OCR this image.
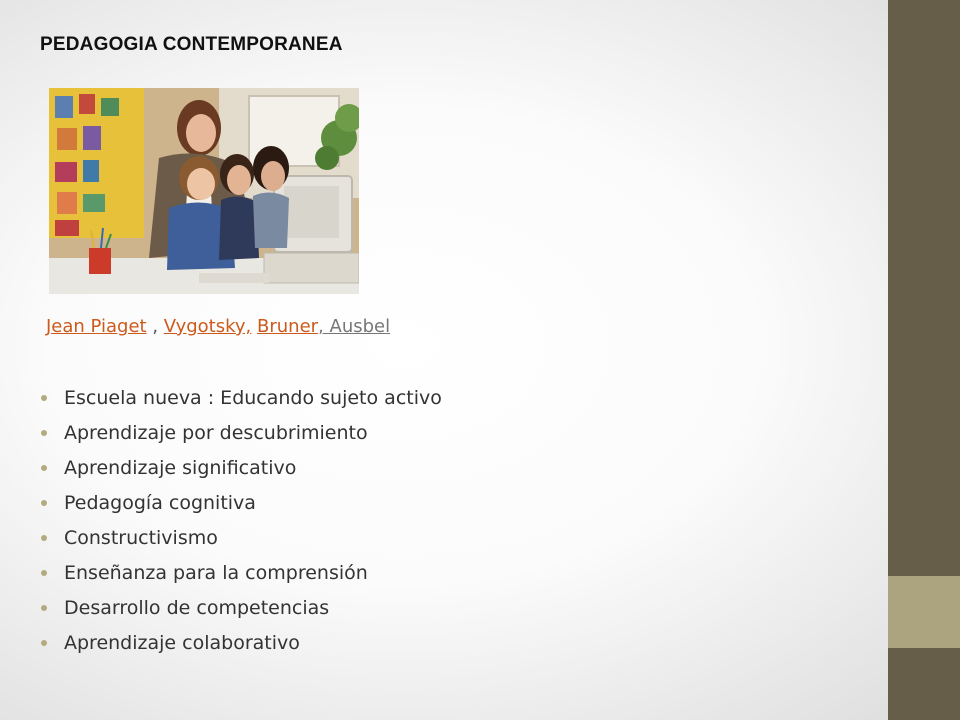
PEDAGOGIA CONTEMPORANEA
Jean Piaget , Vygotsky, Bruner, Ausbel
Escuela nueva : Educando sujeto activo
Aprendizaje por descubrimiento
Aprendizaje significativo
Pedagogía cognitiva
Constructivismo
Enseñanza para la comprensión
Desarrollo de competencias
Aprendizaje colaborativo
